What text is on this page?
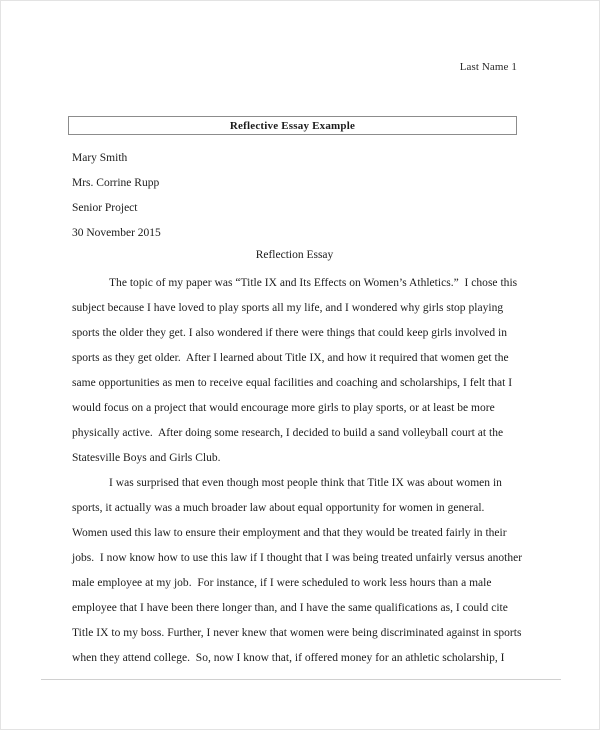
Last Name 1
Reflective Essay Example
Mary Smith
Mrs. Corrine Rupp
Senior Project
30 November 2015
Reflection Essay
The topic of my paper was “Title IX and Its Effects on Women’s Athletics.”  I chose this
subject because I have loved to play sports all my life, and I wondered why girls stop playing
sports the older they get. I also wondered if there were things that could keep girls involved in
sports as they get older.  After I learned about Title IX, and how it required that women get the
same opportunities as men to receive equal facilities and coaching and scholarships, I felt that I
would focus on a project that would encourage more girls to play sports, or at least be more
physically active.  After doing some research, I decided to build a sand volleyball court at the
Statesville Boys and Girls Club.
I was surprised that even though most people think that Title IX was about women in
sports, it actually was a much broader law about equal opportunity for women in general.
Women used this law to ensure their employment and that they would be treated fairly in their
jobs.  I now know how to use this law if I thought that I was being treated unfairly versus another
male employee at my job.  For instance, if I were scheduled to work less hours than a male
employee that I have been there longer than, and I have the same qualifications as, I could cite
Title IX to my boss. Further, I never knew that women were being discriminated against in sports
when they attend college.  So, now I know that, if offered money for an athletic scholarship, I
